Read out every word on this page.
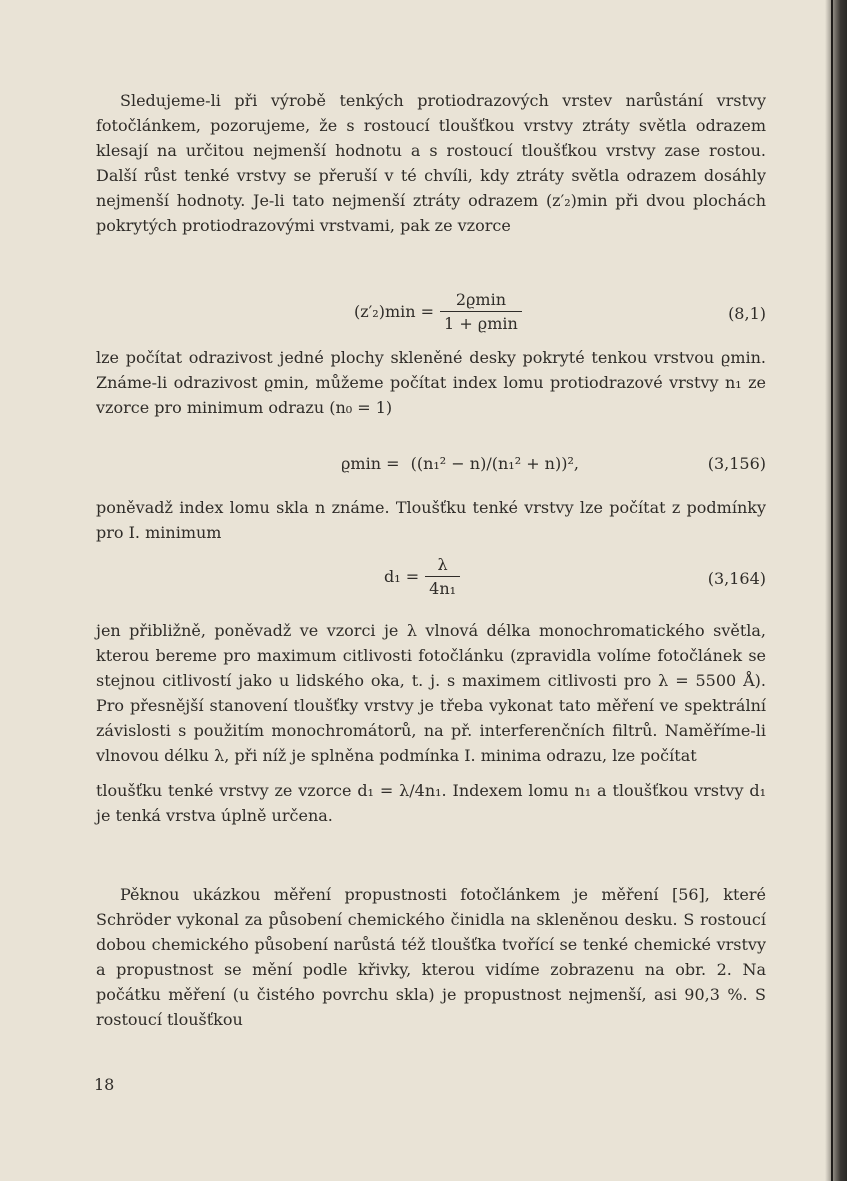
Sledujeme-li při výrobě tenkých protiodrazových vrstev narůstání vrstvy fotočlánkem, pozorujeme, že s rostoucí tloušťkou vrstvy ztráty světla odrazem klesají na určitou nejmenší hodnotu a s rostoucí tloušťkou vrstvy zase rostou. Další růst tenké vrstvy se přeruší v té chvíli, kdy ztráty světla odrazem dosáhly nejmenší hodnoty. Je-li tato nejmenší ztráty odrazem (z′₂)min při dvou plochách pokrytých protiodrazovými vrstvami, pak ze vzorce

$(z'_2)\min = \frac{2ϱ\min}{1 + ϱ\min}$	(8,1)

lze počítat odrazivost jedné plochy skleněné desky pokryté tenkou vrstvou ϱmin. Známe-li odrazivost ϱmin, můžeme počítat index lomu protiodrazové vrstvy n₁ ze vzorce pro minimum odrazu (n₀ = 1)

ϱmin = ((n₁² − n)/(n₁² + n))²,	(3,156)

poněvadž index lomu skla n známe. Tloušťku tenké vrstvy lze počítat z podmínky pro I. minimum

$d_1 = \frac{\lambda}{\text{4n₁}}$	(3,164)

jen přibližně, poněvadž ve vzorci je λ vlnová délka monochromatického světla, kterou bereme pro maximum citlivosti fotočlánku (zpravidla volíme fotočlánek se stejnou citlivostí jako u lidského oka, t. j. s maximem citlivosti pro λ = 5500 Å). Pro přesnější stanovení tloušťky vrstvy je třeba vykonat tato měření ve spektrální závislosti s použitím monochromátorů, na př. interferenčních filtrů. Naměříme-li vlnovou délku λ, při níž je splněna podmínka I. minima odrazu, lze počítat

tloušťku tenké vrstvy ze vzorce d₁ = λ/4n₁. Indexem lomu n₁ a tloušťkou vrstvy d₁ je tenká vrstva úplně určena.

Pěknou ukázkou měření propustnosti fotočlánkem je měření [56], které Schröder vykonal za působení chemického činidla na skleněnou desku. S rostoucí dobou chemického působení narůstá též tloušťka tvořící se tenké chemické vrstvy a propustnost se mění podle křivky, kterou vidíme zobrazenu na obr. 2. Na počátku měření (u čistého povrchu skla) je propustnost nejmenší, asi 90,3 %. S rostoucí tloušťkou

18
